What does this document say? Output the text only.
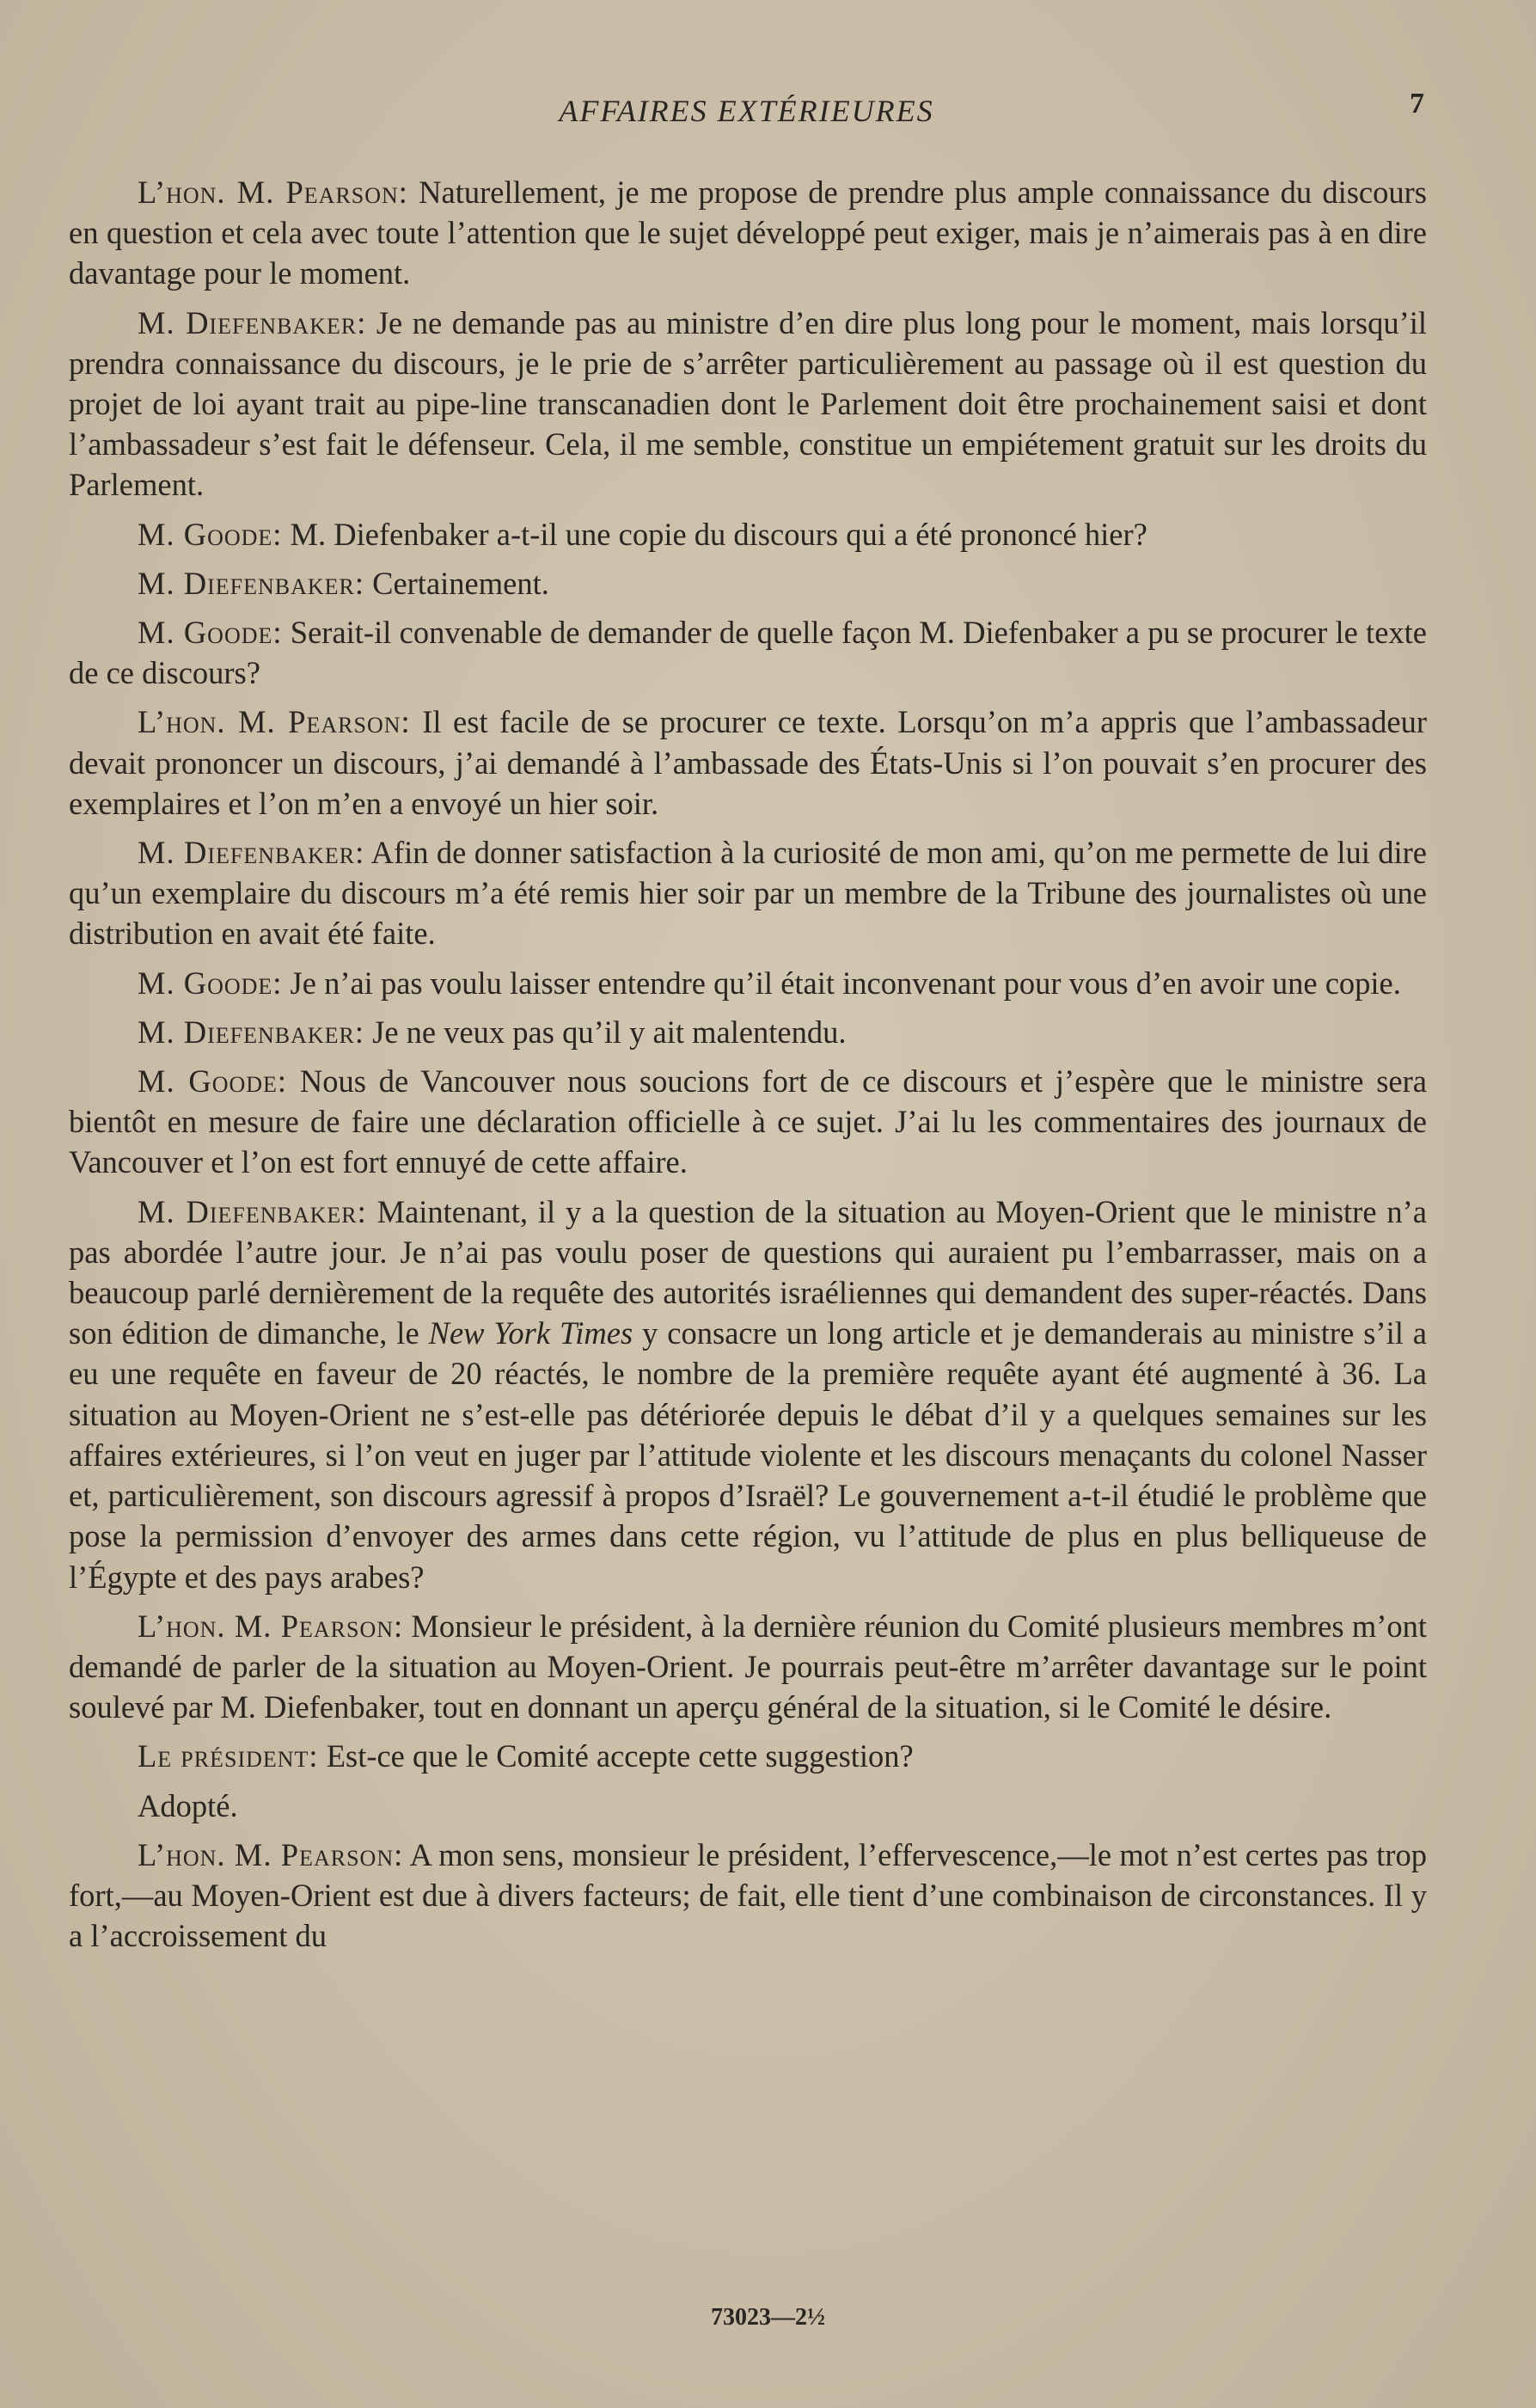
AFFAIRES EXTÉRIEURES	7

L’hon. M. Pearson: Naturellement, je me propose de prendre plus ample connaissance du discours en question et cela avec toute l’attention que le sujet développé peut exiger, mais je n’aimerais pas à en dire davantage pour le moment.

M. Diefenbaker: Je ne demande pas au ministre d’en dire plus long pour le moment, mais lorsqu’il prendra connaissance du discours, je le prie de s’arrêter particulièrement au passage où il est question du projet de loi ayant trait au pipe-line transcanadien dont le Parlement doit être prochainement saisi et dont l’ambassadeur s’est fait le défenseur. Cela, il me semble, constitue un empiétement gratuit sur les droits du Parlement.

M. Goode: M. Diefenbaker a-t-il une copie du discours qui a été prononcé hier?

M. Diefenbaker: Certainement.

M. Goode: Serait-il convenable de demander de quelle façon M. Diefenbaker a pu se procurer le texte de ce discours?

L’hon. M. Pearson: Il est facile de se procurer ce texte. Lorsqu’on m’a appris que l’ambassadeur devait prononcer un discours, j’ai demandé à l’ambassade des États-Unis si l’on pouvait s’en procurer des exemplaires et l’on m’en a envoyé un hier soir.

M. Diefenbaker: Afin de donner satisfaction à la curiosité de mon ami, qu’on me permette de lui dire qu’un exemplaire du discours m’a été remis hier soir par un membre de la Tribune des journalistes où une distribution en avait été faite.

M. Goode: Je n’ai pas voulu laisser entendre qu’il était inconvenant pour vous d’en avoir une copie.

M. Diefenbaker: Je ne veux pas qu’il y ait malentendu.

M. Goode: Nous de Vancouver nous soucions fort de ce discours et j’espère que le ministre sera bientôt en mesure de faire une déclaration officielle à ce sujet. J’ai lu les commentaires des journaux de Vancouver et l’on est fort ennuyé de cette affaire.

M. Diefenbaker: Maintenant, il y a la question de la situation au Moyen-Orient que le ministre n’a pas abordée l’autre jour. Je n’ai pas voulu poser de questions qui auraient pu l’embarrasser, mais on a beaucoup parlé dernièrement de la requête des autorités israéliennes qui demandent des super-réactés. Dans son édition de dimanche, le New York Times y consacre un long article et je demanderais au ministre s’il a eu une requête en faveur de 20 réactés, le nombre de la première requête ayant été augmenté à 36. La situation au Moyen-Orient ne s’est-elle pas détériorée depuis le débat d’il y a quelques semaines sur les affaires extérieures, si l’on veut en juger par l’attitude violente et les discours menaçants du colonel Nasser et, particulièrement, son discours agressif à propos d’Israël? Le gouvernement a-t-il étudié le problème que pose la permission d’envoyer des armes dans cette région, vu l’attitude de plus en plus belliqueuse de l’Égypte et des pays arabes?

L’hon. M. Pearson: Monsieur le président, à la dernière réunion du Comité plusieurs membres m’ont demandé de parler de la situation au Moyen-Orient. Je pourrais peut-être m’arrêter davantage sur le point soulevé par M. Diefenbaker, tout en donnant un aperçu général de la situation, si le Comité le désire.

Le président: Est-ce que le Comité accepte cette suggestion?

Adopté.

L’hon. M. Pearson: A mon sens, monsieur le président, l’effervescence,—le mot n’est certes pas trop fort,—au Moyen-Orient est due à divers facteurs; de fait, elle tient d’une combinaison de circonstances. Il y a l’accroissement du

73023—2½
